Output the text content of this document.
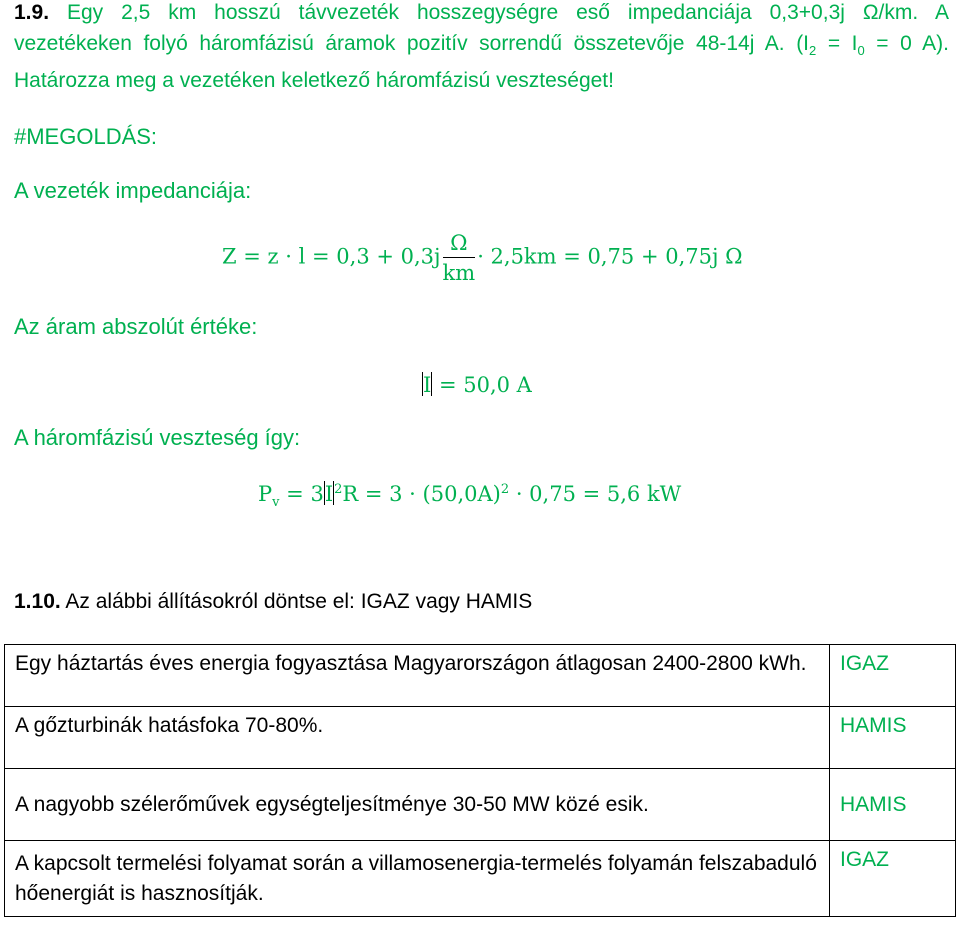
1.9. Egy 2,5 km hosszú távvezeték hosszegységre eső impedanciája 0,3+0,3j Ω/km. A
vezetékeken folyó háromfázisú áramok pozitív sorrendű összetevője 48-14j A. ($I_2 = I_0 = 0$ A).
Határozza meg a vezetéken keletkező háromfázisú veszteséget!
#MEGOLDÁS:
A vezeték impedanciája:
$Z = z \cdot l = 0,3 + 0,3j \frac{\Omega}{km} \cdot 2,5km = 0,75 + 0,75j$ Ω
Az áram abszolút értéke:
I = 50,0 A
A háromfázisú veszteség így:
$P_v = 3I^2R = 3 \cdot (50,0A)^2 \cdot 0,75 = 5,6$ kW
1.10. Az alábbi állításokról döntse el: IGAZ vagy HAMIS
Egy háztartás éves energia fogyasztása Magyarországon átlagosan 2400-2800 kWh.	IGAZ
A gőzturbinák hatásfoka 70-80%.	HAMIS
A nagyobb szélerőművek egységteljesítménye 30-50 MW közé esik.	HAMIS
A kapcsolt termelési folyamat során a villamosenergia-termelés folyamán felszabaduló hőenergiát is hasznosítják.	IGAZ
